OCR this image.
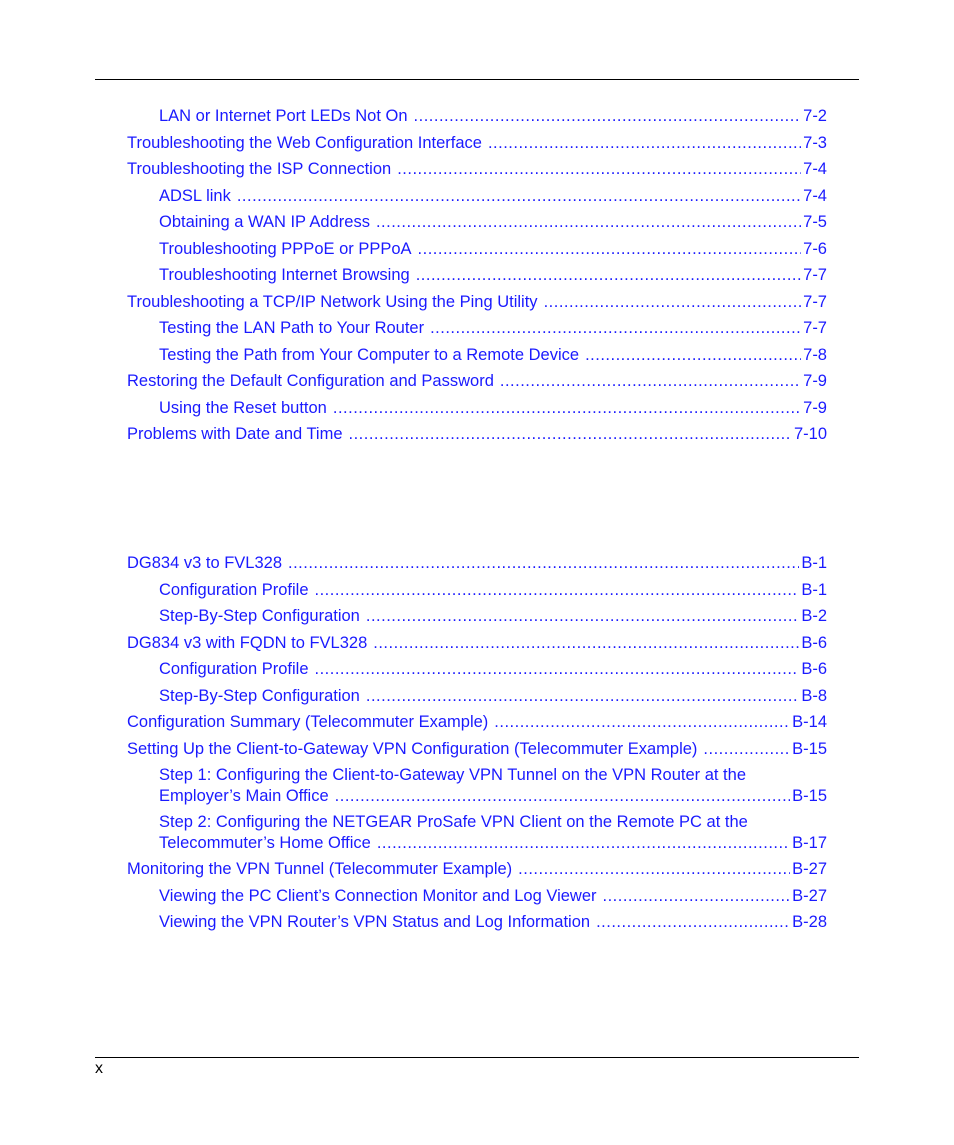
LAN or Internet Port LEDs Not On .....	7-2
Troubleshooting the Web Configuration Interface .....	7-3
Troubleshooting the ISP Connection .....	7-4
ADSL link .....	7-4
Obtaining a WAN IP Address .....	7-5
Troubleshooting PPPoE or PPPoA .....	7-6
Troubleshooting Internet Browsing .....	7-7
Troubleshooting a TCP/IP Network Using the Ping Utility .....	7-7
Testing the LAN Path to Your Router .....	7-7
Testing the Path from Your Computer to a Remote Device .....	7-8
Restoring the Default Configuration and Password .....	7-9
Using the Reset button .....	7-9
Problems with Date and Time .....	7-10
DG834 v3 to FVL328 .....	B-1
Configuration Profile .....	B-1
Step-By-Step Configuration .....	B-2
DG834 v3 with FQDN to FVL328 .....	B-6
Configuration Profile .....	B-6
Step-By-Step Configuration .....	B-8
Configuration Summary (Telecommuter Example) .....	B-14
Setting Up the Client-to-Gateway VPN Configuration (Telecommuter Example) .....	B-15
Step 1: Configuring the Client-to-Gateway VPN Tunnel on the VPN Router at the
Employer’s Main Office .....	B-15
Step 2: Configuring the NETGEAR ProSafe VPN Client on the Remote PC at the
Telecommuter’s Home Office .....	B-17
Monitoring the VPN Tunnel (Telecommuter Example) .....	B-27
Viewing the PC Client’s Connection Monitor and Log Viewer .....	B-27
Viewing the VPN Router’s VPN Status and Log Information .....	B-28
x
